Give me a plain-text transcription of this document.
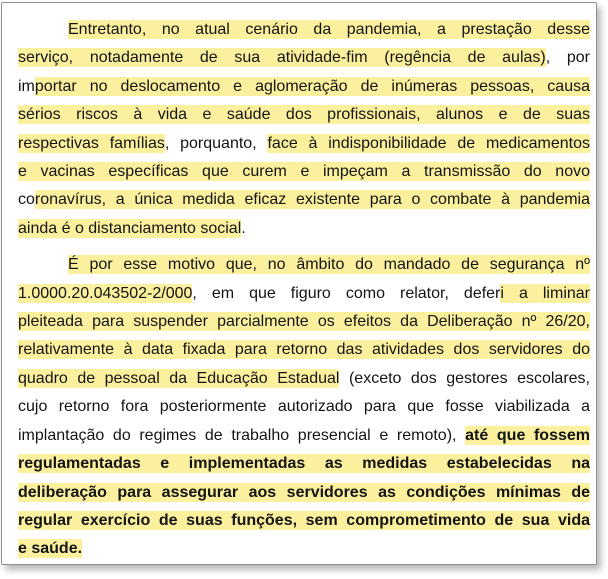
Entretanto, no atual cenário da pandemia, a prestação desse
serviço, notadamente de sua atividade-fim (regência de aulas), por
importar no deslocamento e aglomeração de inúmeras pessoas, causa
sérios riscos à vida e saúde dos profissionais, alunos e de suas
respectivas famílias, porquanto, face à indisponibilidade de medicamentos
e vacinas específicas que curem e impeçam a transmissão do novo
coronavírus, a única medida eficaz existente para o combate à pandemia
ainda é o distanciamento social.
É por esse motivo que, no âmbito do mandado de segurança nº
1.0000.20.043502-2/000, em que figuro como relator, deferi a liminar
pleiteada para suspender parcialmente os efeitos da Deliberação nº 26/20,
relativamente à data fixada para retorno das atividades dos servidores do
quadro de pessoal da Educação Estadual (exceto dos gestores escolares,
cujo retorno fora posteriormente autorizado para que fosse viabilizada a
implantação do regimes de trabalho presencial e remoto), até que fossem
regulamentadas e implementadas as medidas estabelecidas na
deliberação para assegurar aos servidores as condições mínimas de
regular exercício de suas funções, sem comprometimento de sua vida
e saúde.
